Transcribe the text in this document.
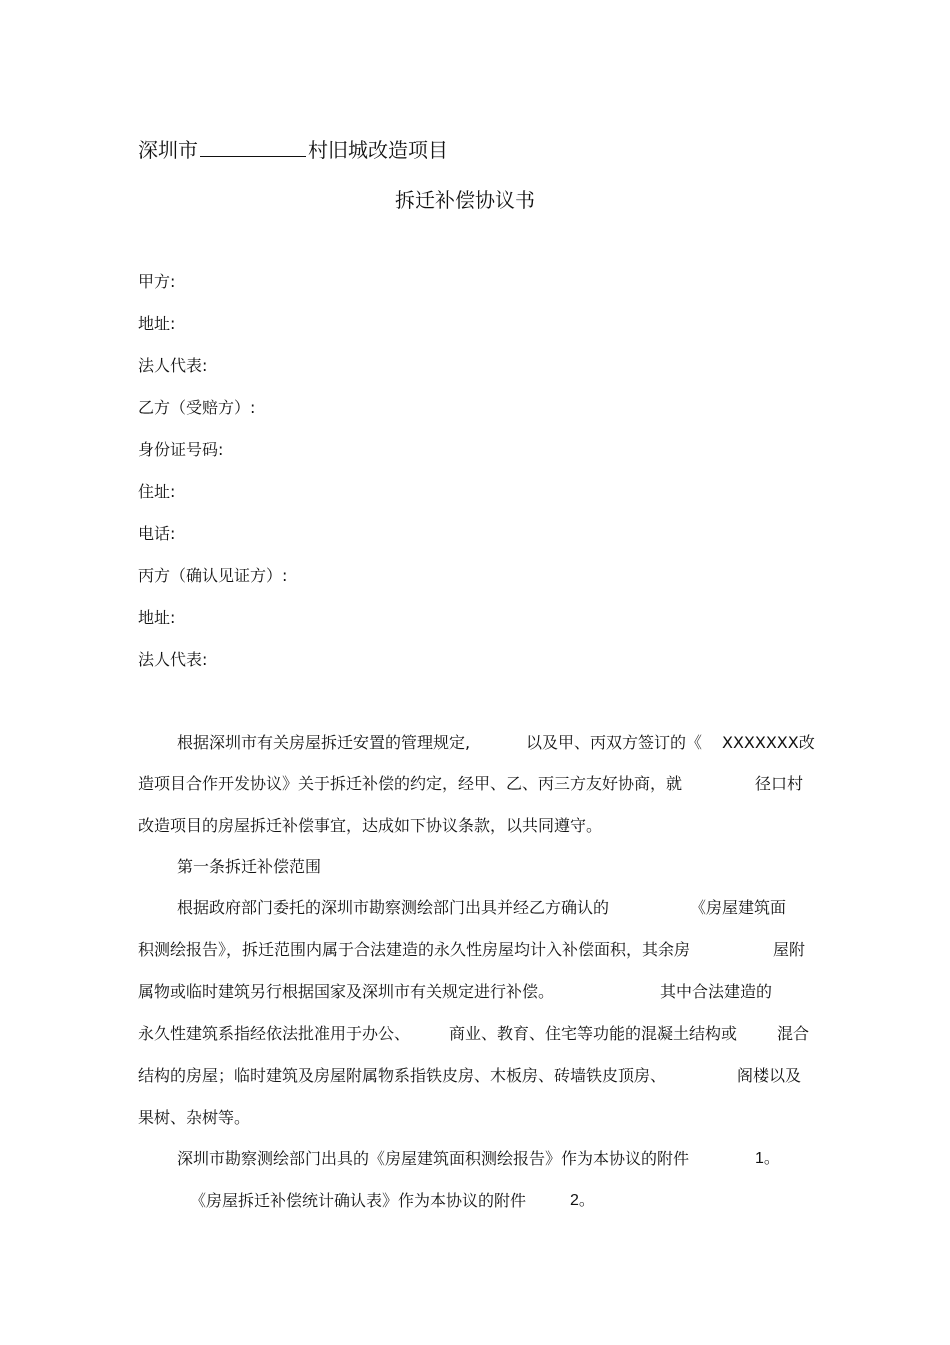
深圳市	村旧城改造项目
拆迁补偿协议书
甲方:
地址:
法人代表:
乙方（受赔方）:
身份证号码:
住址:
电话:
丙方（确认见证方）:
地址:
法人代表:
根据深圳市有关房屋拆迁安置的管理规定,	以及甲、丙双方签订的《 XXXXXXX改
造项目合作开发协议》关于拆迁补偿的约定，经甲、乙、丙三方友好协商，就	径口村
改造项目的房屋拆迁补偿事宜，达成如下协议条款，以共同遵守。
第一条拆迁补偿范围
根据政府部门委托的深圳市勘察测绘部门出具并经乙方确认的	《房屋建筑面
积测绘报告》，拆迁范围内属于合法建造的永久性房屋均计入补偿面积，其余房	屋附
属物或临时建筑另行根据国家及深圳市有关规定进行补偿。	其中合法建造的
永久性建筑系指经依法批准用于办公、 商业、教育、住宅等功能的混凝土结构或 混合
结构的房屋；临时建筑及房屋附属物系指铁皮房、木板房、砖墙铁皮顶房、	阁楼以及
果树、杂树等。
深圳市勘察测绘部门出具的《房屋建筑面积测绘报告》作为本协议的附件	1。
《房屋拆迁补偿统计确认表》作为本协议的附件	2。
